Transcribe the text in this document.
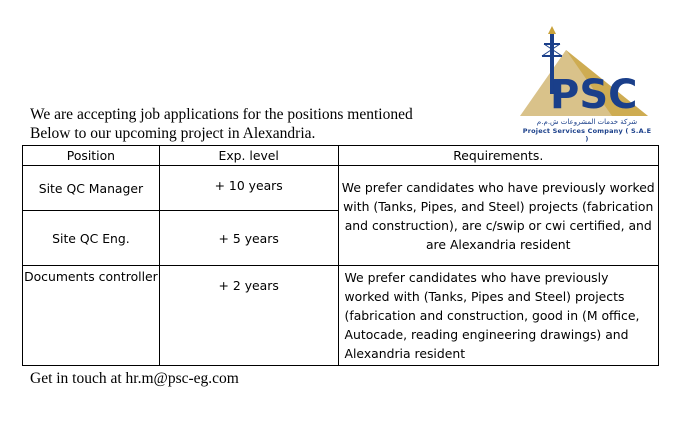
PSC
شركة خدمات المشروعات ش.م.م
Project Services Company ( S.A.E )
We are accepting job applications for the positions mentioned
Below to our upcoming project in Alexandria.
Position	Exp. level	Requirements.
Site QC Manager	+ 10 years	We prefer candidates who have previously worked with (Tanks, Pipes, and Steel) projects (fabrication and construction), are c/swip or cwi certified, and are Alexandria resident
Site QC Eng.	+ 5 years	
Documents controller	+ 2 years	We prefer candidates who have previously worked with (Tanks, Pipes and Steel) projects (fabrication and construction, good in (M office, Autocade, reading engineering drawings) and Alexandria resident
Get in touch at hr.m@psc-eg.com
